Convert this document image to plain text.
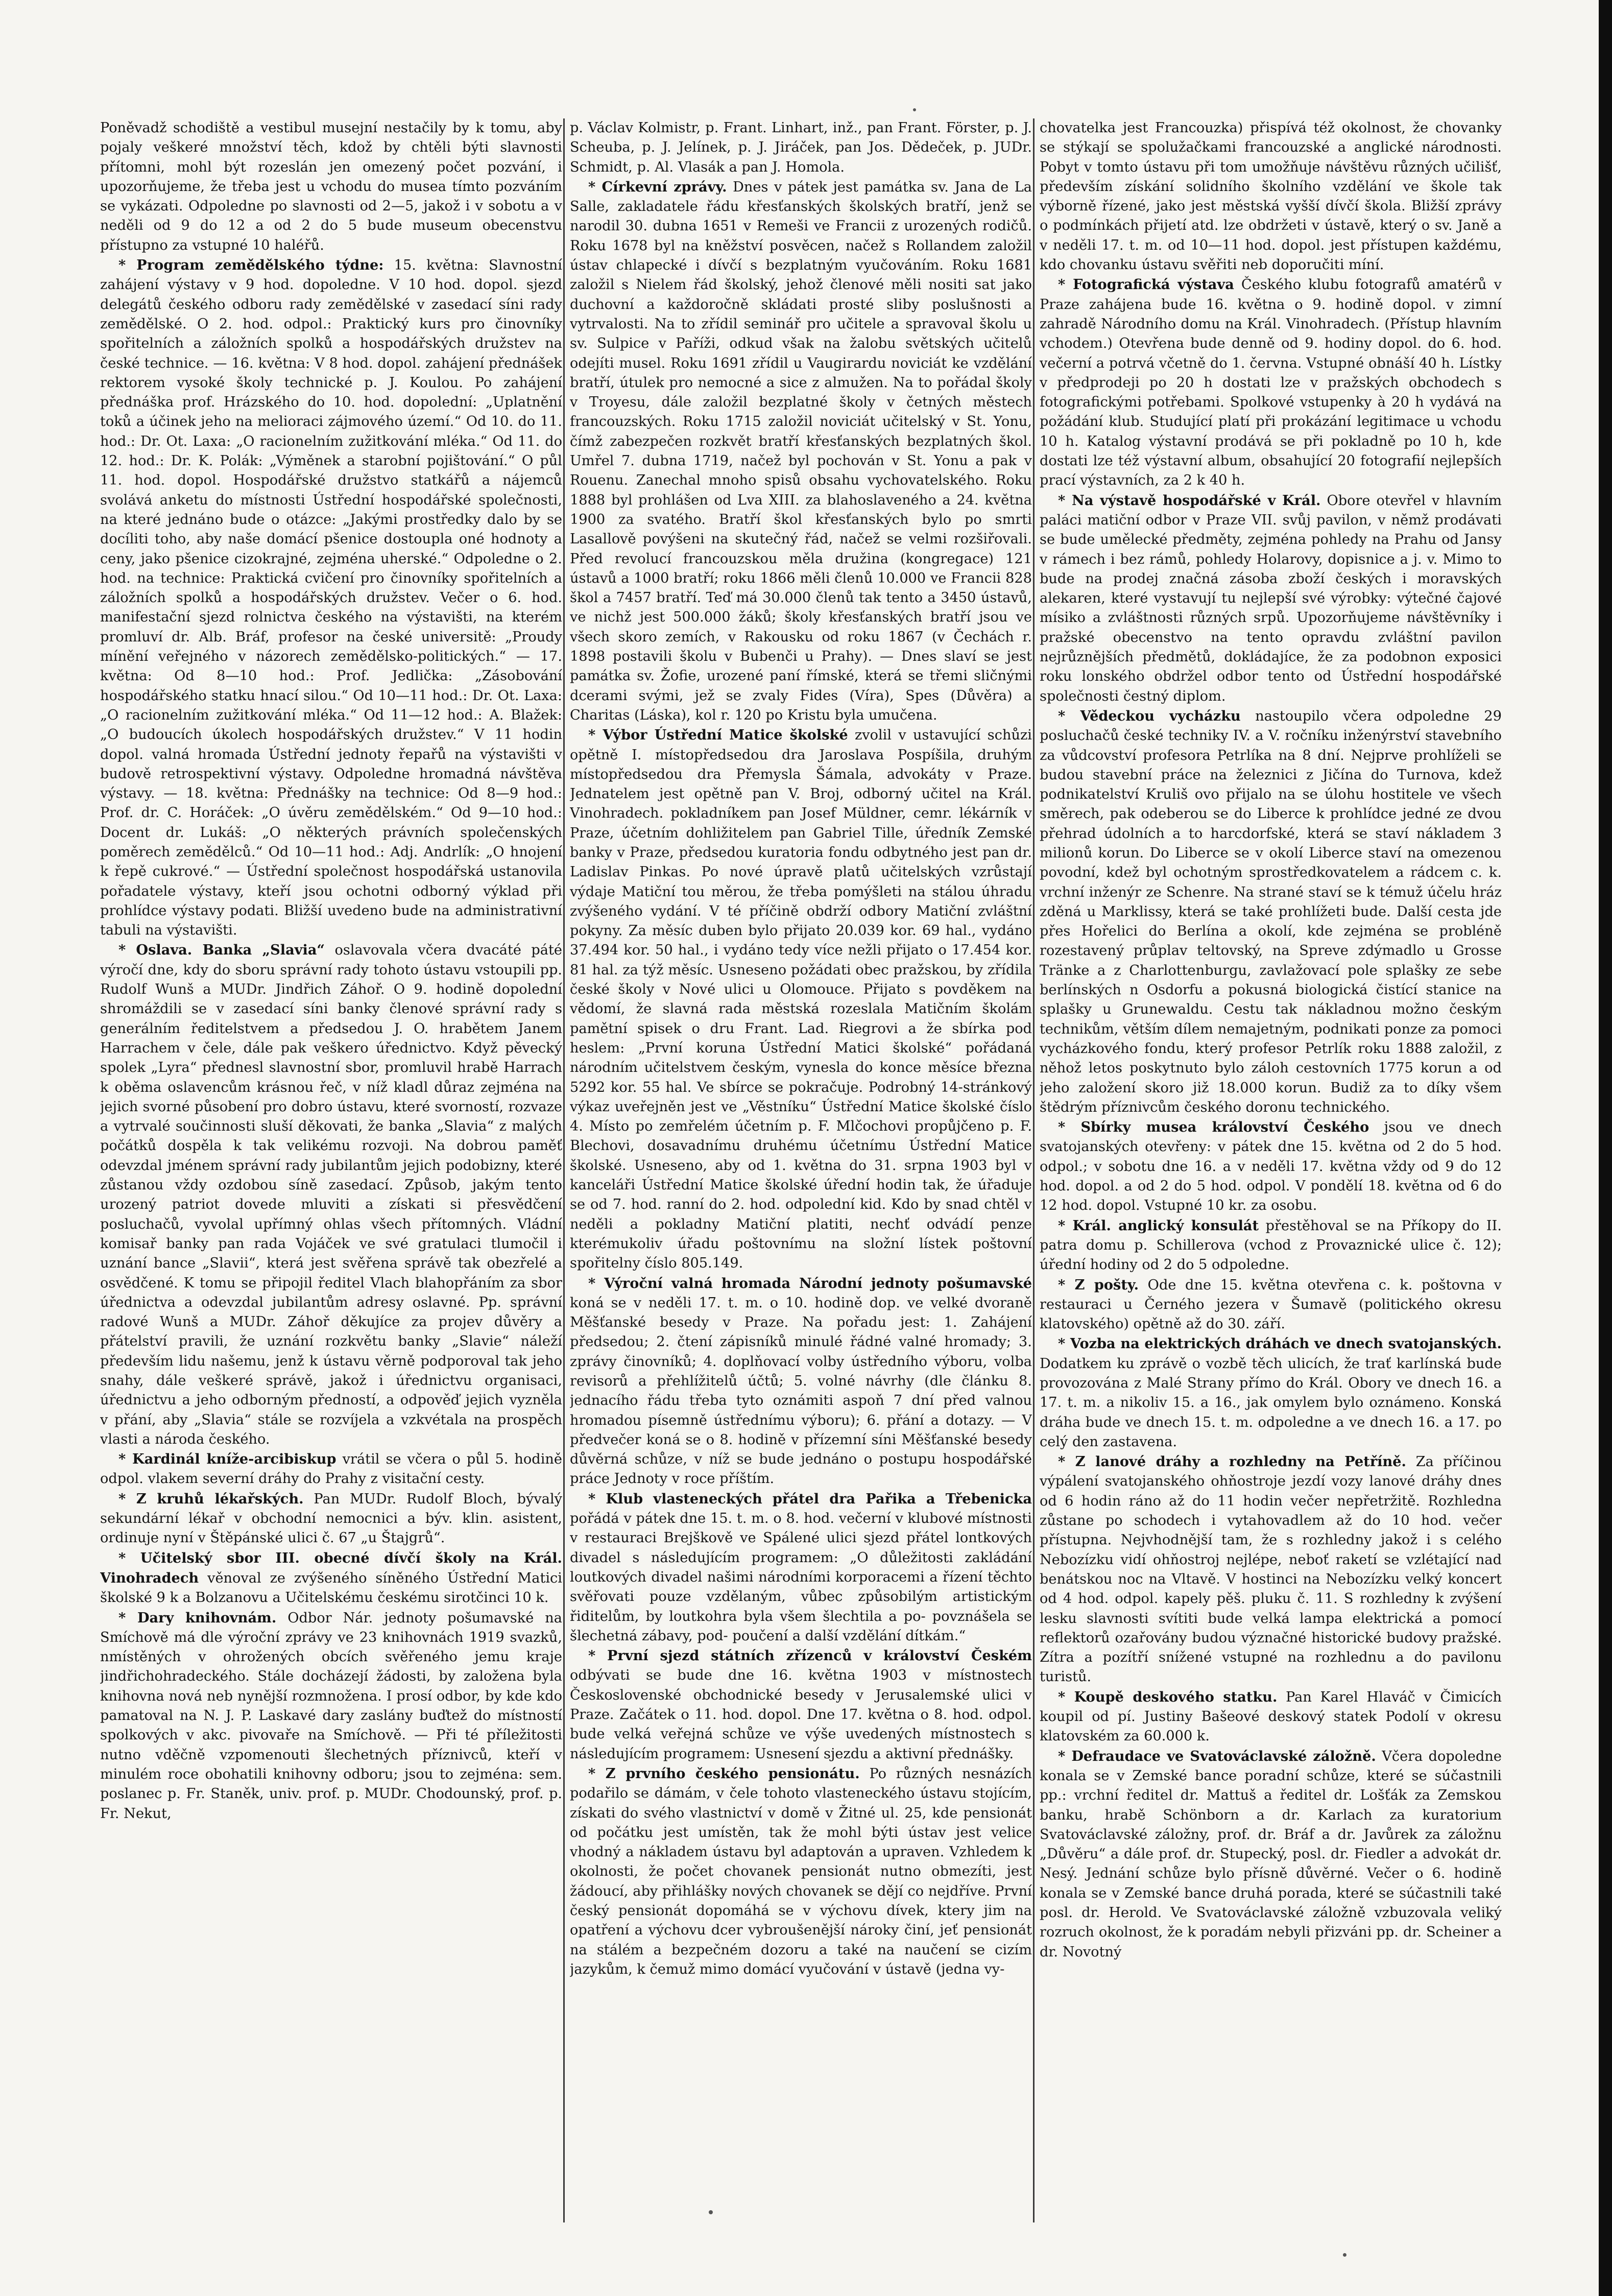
Poněvadž schodiště a vestibul musejní nestačily by k tomu, aby pojaly veškeré množství těch, kdož by chtěli býti slavnosti přítomni, mohl být rozeslán jen omezený počet pozvání, i upozorňujeme, že třeba jest u vchodu do musea tímto pozváním se vykázati. Odpoledne po slavnosti od 2—5, jakož i v sobotu a v neděli od 9 do 12 a od 2 do 5 bude museum obecenstvu přístupno za vstupné 10 haléřů.

* Program zemědělského týdne: 15. května: Slavnostní zahájení výstavy v 9 hod. dopoledne. V 10 hod. dopol. sjezd delegátů českého odboru rady zemědělské v zasedací síni rady zemědělské. O 2. hod. odpol.: Praktický kurs pro činovníky spořitelních a záložních spolků a hospodářských družstev na české technice. — 16. května: V 8 hod. dopol. zahájení přednášek rektorem vysoké školy technické p. J. Koulou. Po zahájení přednáška prof. Hrázského do 10. hod. dopolední: „Uplatnění toků a účinek jeho na melioraci zájmového území.“ Od 10. do 11. hod.: Dr. Ot. Laxa: „O racionelním zužitkování mléka.“ Od 11. do 12. hod.: Dr. K. Polák: „Výměnek a starobní pojištování.“ O půl 11. hod. dopol. Hospodářské družstvo statkářů a nájemců svolává anketu do místnosti Ústřední hospodářské společnosti, na které jednáno bude o otázce: „Jakými prostředky dalo by se docíliti toho, aby naše domácí pšenice dostoupla oné hodnoty a ceny, jako pšenice cizokrajné, zejména uherské.“ Odpoledne o 2. hod. na technice: Praktická cvičení pro činovníky spořitelních a záložních spolků a hospodářských družstev. Večer o 6. hod. manifestační sjezd rolnictva českého na výstavišti, na kterém promluví dr. Alb. Bráf, profesor na české universitě: „Proudy mínění veřejného v názorech zemědělsko-politických.“ — 17. května: Od 8—10 hod.: Prof. Jedlička: „Zásobování hospodářského statku hnací silou.“ Od 10—11 hod.: Dr. Ot. Laxa: „O racionelním zužitkování mléka.“ Od 11—12 hod.: A. Blažek: „O budoucích úkolech hospodářských družstev.“ V 11 hodin dopol. valná hromada Ústřední jednoty řepařů na výstavišti v budově retrospektivní výstavy. Odpoledne hromadná návštěva výstavy. — 18. května: Přednášky na technice: Od 8—9 hod.: Prof. dr. C. Horáček: „O úvěru zemědělském.“ Od 9—10 hod.: Docent dr. Lukáš: „O některých právních společenských poměrech zemědělců.“ Od 10—11 hod.: Adj. Andrlík: „O hnojení k řepě cukrové.“ — Ústřední společnost hospodářská ustanovila pořadatele výstavy, kteří jsou ochotni odborný výklad při prohlídce výstavy podati. Bližší uvedeno bude na administrativní tabuli na výstavišti.

* Oslava. Banka „Slavia“ oslavovala včera dvacáté páté výročí dne, kdy do sboru správní rady tohoto ústavu vstoupili pp. Rudolf Wunš a MUDr. Jindřich Záhoř. O 9. hodině dopolední shromáždili se v zasedací síni banky členové správní rady s generálním ředitelstvem a předsedou J. O. hrabětem Janem Harrachem v čele, dále pak veškero úřednictvo. Když pěvecký spolek „Lyra“ přednesl slavnostní sbor, promluvil hrabě Harrach k oběma oslavencům krásnou řeč, v níž kladl důraz zejména na jejich svorné působení pro dobro ústavu, které svorností, rozvaze a vytrvalé součinnosti sluší děkovati, že banka „Slavia“ z malých počátků dospěla k tak velikému rozvoji. Na dobrou paměť odevzdal jménem správní rady jubilantům jejich podobizny, které zůstanou vždy ozdobou síně zasedací. Způsob, jakým tento urozený patriot dovede mluviti a získati si přesvědčení posluchačů, vyvolal upřímný ohlas všech přítomných. Vládní komisař banky pan rada Vojáček ve své gratulaci tlumočil i uznání bance „Slavii“, která jest svěřena správě tak obezřelé a osvědčené. K tomu se připojil ředitel Vlach blahopřáním za sbor úřednictva a odevzdal jubilantům adresy oslavné. Pp. správní radové Wunš a MUDr. Záhoř děkujíce za projev důvěry a přátelství pravili, že uznání rozkvětu banky „Slavie“ náleží především lidu našemu, jenž k ústavu věrně podporoval tak jeho snahy, dále veškeré správě, jakož i úřednictvu organisaci, úřednictvu a jeho odborným předností, a odpověď jejich vyzněla v přání, aby „Slavia“ stále se rozvíjela a vzkvétala na prospěch vlasti a národa českého.

* Kardinál kníže-arcibiskup vrátil se včera o půl 5. hodině odpol. vlakem severní dráhy do Prahy z visitační cesty.

* Z kruhů lékařských. Pan MUDr. Rudolf Bloch, bývalý sekundární lékař v obchodní nemocnici a býv. klin. asistent, ordinuje nyní v Štěpánské ulici č. 67 „u Štajgrů“.

* Učitelský sbor III. obecné dívčí školy na Král. Vinohradech věnoval ze zvýšeného síněného Ústřední Matici školské 9 k a Bolzanovu a Učitelskému českému sirotčinci 10 k.

* Dary knihovnám. Odbor Nár. jednoty pošumavské na Smíchově má dle výroční zprávy ve 23 knihovnách 1919 svazků, nmístěných v ohrožených obcích svěřeného jemu kraje jindřichohradeckého. Stále docházejí žádosti, by založena byla knihovna nová neb nynější rozmnožena. I prosí odbor, by kde kdo pamatoval na N. J. P. Laskavé dary zaslány buďtež do místností spolkových v akc. pivovaře na Smíchově. — Při té příležitosti nutno vděčně vzpomenouti šlechetných příznivců, kteří v minulém roce obohatili knihovny odboru; jsou to zejména: sem. poslanec p. Fr. Staněk, univ. prof. p. MUDr. Chodounský, prof. p. Fr. Nekut,

p. Václav Kolmistr, p. Frant. Linhart, inž., pan Frant. Förster, p. J. Scheuba, p. J. Jelínek, p. J. Jiráček, pan Jos. Dědeček, p. JUDr. Schmidt, p. Al. Vlasák a pan J. Homola.

* Církevní zprávy. Dnes v pátek jest památka sv. Jana de La Salle, zakladatele řádu křesťanských školských bratří, jenž se narodil 30. dubna 1651 v Remeši ve Francii z urozených rodičů. Roku 1678 byl na kněžství posvěcen, načež s Rollandem založil ústav chlapecké i dívčí s bezplatným vyučováním. Roku 1681 založil s Nielem řád školský, jehož členové měli nositi sat jako duchovní a každoročně skládati prosté sliby poslušnosti a vytrvalosti. Na to zřídil seminář pro učitele a spravoval školu u sv. Sulpice v Paříži, odkud však na žalobu světských učitelů odejíti musel. Roku 1691 zřídil u Vaugirardu noviciát ke vzdělání bratří, útulek pro nemocné a sice z almužen. Na to pořádal školy v Troyesu, dále založil bezplatné školy v četných městech francouzských. Roku 1715 založil noviciát učitelský v St. Yonu, čímž zabezpečen rozkvět bratří křesťanských bezplatných škol. Umřel 7. dubna 1719, načež byl pochován v St. Yonu a pak v Rouenu. Zanechal mnoho spisů obsahu vychovatelského. Roku 1888 byl prohlášen od Lva XIII. za blahoslaveného a 24. května 1900 za svatého. Bratří škol křesťanských bylo po smrti Lasallově povýšeni na skutečný řád, načež se velmi rozšiřovali. Před revolucí francouzskou měla družina (kongregace) 121 ústavů a 1000 bratří; roku 1866 měli členů 10.000 ve Francii 828 škol a 7457 bratří. Teď má 30.000 členů tak tento a 3450 ústavů, ve nichž jest 500.000 žáků; školy křesťanských bratří jsou ve všech skoro zemích, v Rakousku od roku 1867 (v Čechách r. 1898 postavili školu v Bubenči u Prahy). — Dnes slaví se jest památka sv. Žofie, urozené paní římské, která se třemi sličnými dcerami svými, jež se zvaly Fides (Víra), Spes (Důvěra) a Charitas (Láska), kol r. 120 po Kristu byla umučena.

* Výbor Ústřední Matice školské zvolil v ustavující schůzi opětně I. místopředsedou dra Jaroslava Pospíšila, druhým místopředsedou dra Přemysla Šámala, advokáty v Praze. Jednatelem jest opětně pan V. Broj, odborný učitel na Král. Vinohradech. pokladníkem pan Josef Müldner, cemr. lékárník v Praze, účetním dohližitelem pan Gabriel Tille, úředník Zemské banky v Praze, předsedou kuratoria fondu odbytného jest pan dr. Ladislav Pinkas. Po nové úpravě platů učitelských vzrůstají výdaje Matiční tou měrou, že třeba pomýšleti na stálou úhradu zvýšeného vydání. V té příčině obdrží odbory Matiční zvláštní pokyny. Za měsíc duben bylo přijato 20.039 kor. 69 hal., vydáno 37.494 kor. 50 hal., i vydáno tedy více nežli přijato o 17.454 kor. 81 hal. za týž měsíc. Usneseno požádati obec pražskou, by zřídila české školy v Nové ulici u Olomouce. Přijato s povděkem na vědomí, že slavná rada městská rozeslala Matičním školám pamětní spisek o dru Frant. Lad. Riegrovi a že sbírka pod heslem: „První koruna Ústřední Matici školské“ pořádaná národním učitelstvem českým, vynesla do konce měsíce března 5292 kor. 55 hal. Ve sbírce se pokračuje. Podrobný 14-stránkový výkaz uveřejněn jest ve „Věstníku“ Ústřední Matice školské číslo 4. Místo po zemřelém účetním p. F. Mlčochovi propůjčeno p. F. Blechovi, dosavadnímu druhému účetnímu Ústřední Matice školské. Usneseno, aby od 1. května do 31. srpna 1903 byl v kanceláři Ústřední Matice školské úřední hodin tak, že úřaduje se od 7. hod. ranní do 2. hod. odpolední kid. Kdo by snad chtěl v neděli a pokladny Matiční platiti, nechť odvádí penze kterémukoliv úřadu poštovnímu na složní lístek poštovní spořitelny číslo 805.149.

* Výroční valná hromada Národní jednoty pošumavské koná se v neděli 17. t. m. o 10. hodině dop. ve velké dvoraně Měšťanské besedy v Praze. Na pořadu jest: 1. Zahájení předsedou; 2. čtení zápisníků minulé řádné valné hromady; 3. zprávy činovníků; 4. doplňovací volby ústředního výboru, volba revisorů a přehlížitelů účtů; 5. volné návrhy (dle článku 8. jednacího řádu třeba tyto oznámiti aspoň 7 dní před valnou hromadou písemně ústřednímu výboru); 6. přání a dotazy. — V předvečer koná se o 8. hodině v přízemní síni Měšťanské besedy důvěrná schůze, v níž se bude jednáno o postupu hospodářské práce Jednoty v roce příštím.

* Klub vlasteneckých přátel dra Pařika a Třebenicka pořádá v pátek dne 15. t. m. o 8. hod. večerní v klubové místnosti v restauraci Brejškově ve Spálené ulici sjezd přátel lontkových divadel s následujícím programem: „O důležitosti zakládání loutkových divadel našimi národními korporacemi a řízení těchto svěřovati pouze vzdělaným, vůbec způsobilým artistickým řiditelům, by loutkohra byla všem šlechtila a po- povznášela se šlechetná zábavy, pod- poučení a další vzdělání dítkám.“

* První sjezd státních zřízenců v království Českém odbývati se bude dne 16. května 1903 v místnostech Československé obchodnické besedy v Jerusalemské ulici v Praze. Začátek o 11. hod. dopol. Dne 17. května o 8. hod. odpol. bude velká veřejná schůze ve výše uvedených místnostech s následujícím programem: Usnesení sjezdu a aktivní přednášky.

* Z prvního českého pensionátu. Po různých nesnázích podařilo se dámám, v čele tohoto vlasteneckého ústavu stojícím, získati do svého vlastnictví v domě v Žitné ul. 25, kde pensionát od počátku jest umístěn, tak že mohl býti ústav jest velice vhodný a nákladem ústavu byl adaptován a upraven. Vzhledem k okolnosti, že počet chovanek pensionát nutno obmezíti, jest žádoucí, aby přihlášky nových chovanek se dějí co nejdříve. První český pensionát dopomáhá se v výchovu dívek, ktery jim na opatření a výchovu dcer vybroušenější nároky činí, jeť pensionát na stálém a bezpečném dozoru a také na naučení se cizím jazykům, k čemuž mimo domácí vyučování v ústavě (jedna vy-

chovatelka jest Francouzka) přispívá též okolnost, že chovanky se stýkají se spolužačkami francouzské a anglické národnosti. Pobyt v tomto ústavu při tom umožňuje návštěvu různých učilišť, především získání solidního školního vzdělání ve škole tak výborně řízené, jako jest městská vyšší dívčí škola. Bližší zprávy o podmínkách přijetí atd. lze obdržeti v ústavě, který o sv. Janě a v neděli 17. t. m. od 10—11 hod. dopol. jest přístupen každému, kdo chovanku ústavu svěřiti neb doporučiti míní.

* Fotografická výstava Českého klubu fotografů amatérů v Praze zahájena bude 16. května o 9. hodině dopol. v zimní zahradě Národního domu na Král. Vinohradech. (Přístup hlavním vchodem.) Otevřena bude denně od 9. hodiny dopol. do 6. hod. večerní a potrvá včetně do 1. června. Vstupné obnáší 40 h. Lístky v předprodeji po 20 h dostati lze v pražských obchodech s fotografickými potřebami. Spolkové vstupenky à 20 h vydává na požádání klub. Studující platí při prokázání legitimace u vchodu 10 h. Katalog výstavní prodává se při pokladně po 10 h, kde dostati lze též výstavní album, obsahující 20 fotografií nejlepších prací výstavních, za 2 k 40 h.

* Na výstavě hospodářské v Král. Obore otevřel v hlavním paláci matiční odbor v Praze VII. svůj pavilon, v němž prodávati se bude umělecké předměty, zejména pohledy na Prahu od Jansy v rámech i bez rámů, pohledy Holarovy, dopisnice a j. v. Mimo to bude na prodej značná zásoba zboží českých i moravských alekaren, které vystavují tu nejlepší své výrobky: výtečné čajové mísiko a zvláštnosti různých srpů. Upozorňujeme návštěvníky i pražské obecenstvo na tento opravdu zvláštní pavilon nejrůznějších předmětů, dokládajíce, že za podobnon exposici roku lonského obdržel odbor tento od Ústřední hospodářské společnosti čestný diplom.

* Vědeckou vycházku nastoupilo včera odpoledne 29 posluchačů české techniky IV. a V. ročníku inženýrství stavebního za vůdcovství profesora Petrlíka na 8 dní. Nejprve prohlíželi se budou stavební práce na železnici z Jičína do Turnova, kdež podnikatelství Kruliš ovo přijalo na se úlohu hostitele ve všech směrech, pak odeberou se do Liberce k prohlídce jedné ze dvou přehrad údolních a to harcdorfské, která se staví nákladem 3 milionů korun. Do Liberce se v okolí Liberce staví na omezenou povodní, kdež byl ochotným sprostředkovatelem a rádcem c. k. vrchní inženýr ze Schenre. Na strané staví se k témuž účelu hráz zděná u Marklissy, která se také prohlížeti bude. Další cesta jde přes Hořelici do Berlína a okolí, kde zejména se probléně rozestavený průplav teltovský, na Spreve zdýmadlo u Grosse Tränke a z Charlottenburgu, zavlažovací pole splašky ze sebe berlínských n Osdorfu a pokusná biologická čistící stanice na splašky u Grunewaldu. Cestu tak nákladnou možno českým technikům, větším dílem nemajetným, podnikati ponze za pomoci vycházkového fondu, který profesor Petrlík roku 1888 založil, z něhož letos poskytnuto bylo záloh cestovních 1775 korun a od jeho založení skoro již 18.000 korun. Budiž za to díky všem štědrým příznivcům českého doronu technického.

* Sbírky musea království Českého jsou ve dnech svatojanských otevřeny: v pátek dne 15. května od 2 do 5 hod. odpol.; v sobotu dne 16. a v neděli 17. května vždy od 9 do 12 hod. dopol. a od 2 do 5 hod. odpol. V pondělí 18. května od 6 do 12 hod. dopol. Vstupné 10 kr. za osobu.

* Král. anglický konsulát přestěhoval se na Příkopy do II. patra domu p. Schillerova (vchod z Provaznické ulice č. 12); úřední hodiny od 2 do 5 odpoledne.

* Z pošty. Ode dne 15. května otevřena c. k. poštovna v restauraci u Černého jezera v Šumavě (politického okresu klatovského) opětně až do 30. září.

* Vozba na elektrických dráhách ve dnech svatojanských. Dodatkem ku zprávě o vozbě těch ulicích, že trať karlínská bude provozována z Malé Strany přímo do Král. Obory ve dnech 16. a 17. t. m. a nikoliv 15. a 16., jak omylem bylo oznámeno. Konská dráha bude ve dnech 15. t. m. odpoledne a ve dnech 16. a 17. po celý den zastavena.

* Z lanové dráhy a rozhledny na Petříně. Za příčinou výpálení svatojanského ohňostroje jezdí vozy lanové dráhy dnes od 6 hodin ráno až do 11 hodin večer nepřetržitě. Rozhledna zůstane po schodech i vytahovadlem až do 10 hod. večer přístupna. Nejvhodnější tam, že s rozhledny jakož i s celého Nebozízku vidí ohňostroj nejlépe, neboť raketí se vzlétající nad benátskou noc na Vltavě. V hostinci na Nebozízku velký koncert od 4 hod. odpol. kapely pěš. pluku č. 11. S rozhledny k zvýšení lesku slavnosti svítiti bude velká lampa elektrická a pomocí reflektorů ozařovány budou význačné historické budovy pražské. Zítra a pozítří snížené vstupné na rozhlednu a do pavilonu turistů.

* Koupě deskového statku. Pan Karel Hlaváč v Čimicích koupil od pí. Justiny Bašeové deskový statek Podolí v okresu klatovském za 60.000 k.

* Defraudace ve Svatováclavské záložně. Včera dopoledne konala se v Zemské bance poradní schůze, které se súčastnili pp.: vrchní ředitel dr. Mattuš a ředitel dr. Lošťák za Zemskou banku, hrabě Schönborn a dr. Karlach za kuratorium Svatováclavské záložny, prof. dr. Bráf a dr. Javůrek za záložnu „Důvěru“ a dále prof. dr. Stupecký, posl. dr. Fiedler a advokát dr. Nesý. Jednání schůze bylo přísně důvěrné. Večer o 6. hodině konala se v Zemské bance druhá porada, které se súčastnili také posl. dr. Herold. Ve Svatováclavské záložně vzbuzovala veliký rozruch okolnost, že k poradám nebyli přizváni pp. dr. Scheiner a dr. Novotný
